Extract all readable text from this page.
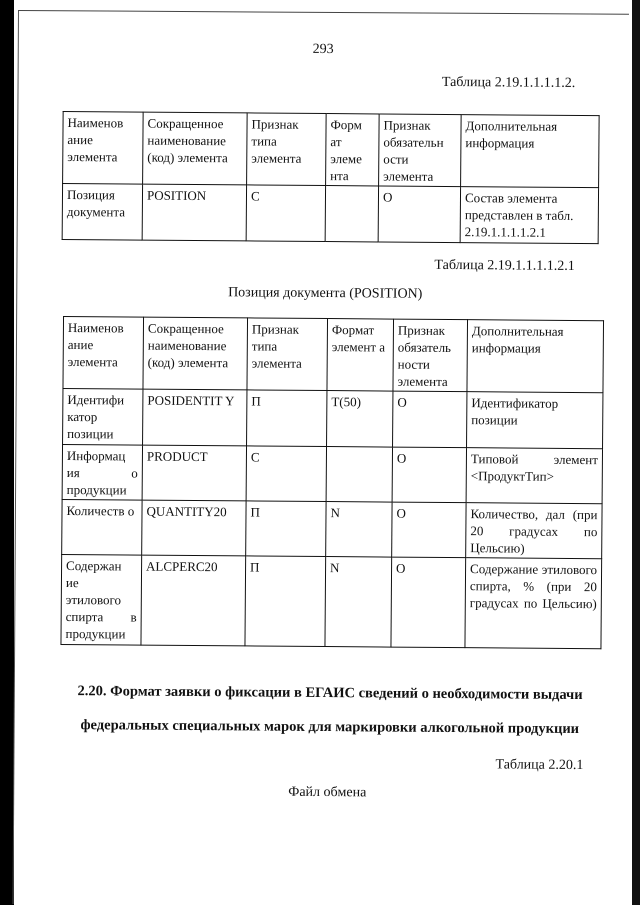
293
Таблица 2.19.1.1.1.1.2.
Наименов ание элемента	Сокращенное наименование (код) элемента	Признак типа элемента	Форм ат элеме нта	Признак обязательн ости элемента	Дополнительная информация
Позиция документа	POSITION	С		О	Состав элемента представлен в табл. 2.19.1.1.1.1.2.1
Таблица 2.19.1.1.1.1.2.1
Позиция документа (POSITION)
Наименов ание элемента	Сокращенное наименование (код) элемента	Признак типа элемента	Формат элемент а	Признак обязатель ности элемента	Дополнительная информация
Идентифи катор позиции	POSIDENTIT Y	П	Т(50)	О	Идентификатор позиции
Информац ия о продукции	PRODUCT	С		О	Типовой элемент <ПродуктТип>
Количеств о	QUANTITY20	П	N	О	Количество, дал (при 20 градусах по Цельсию)
Содержан ие этилового спирта в продукции	ALCPERC20	П	N	О	Содержание этилового спирта, % (при 20 градусах по Цельсию)
2.20. Формат заявки о фиксации в ЕГАИС сведений о необходимости выдачи федеральных специальных марок для маркировки алкогольной продукции
Таблица 2.20.1
Файл обмена
